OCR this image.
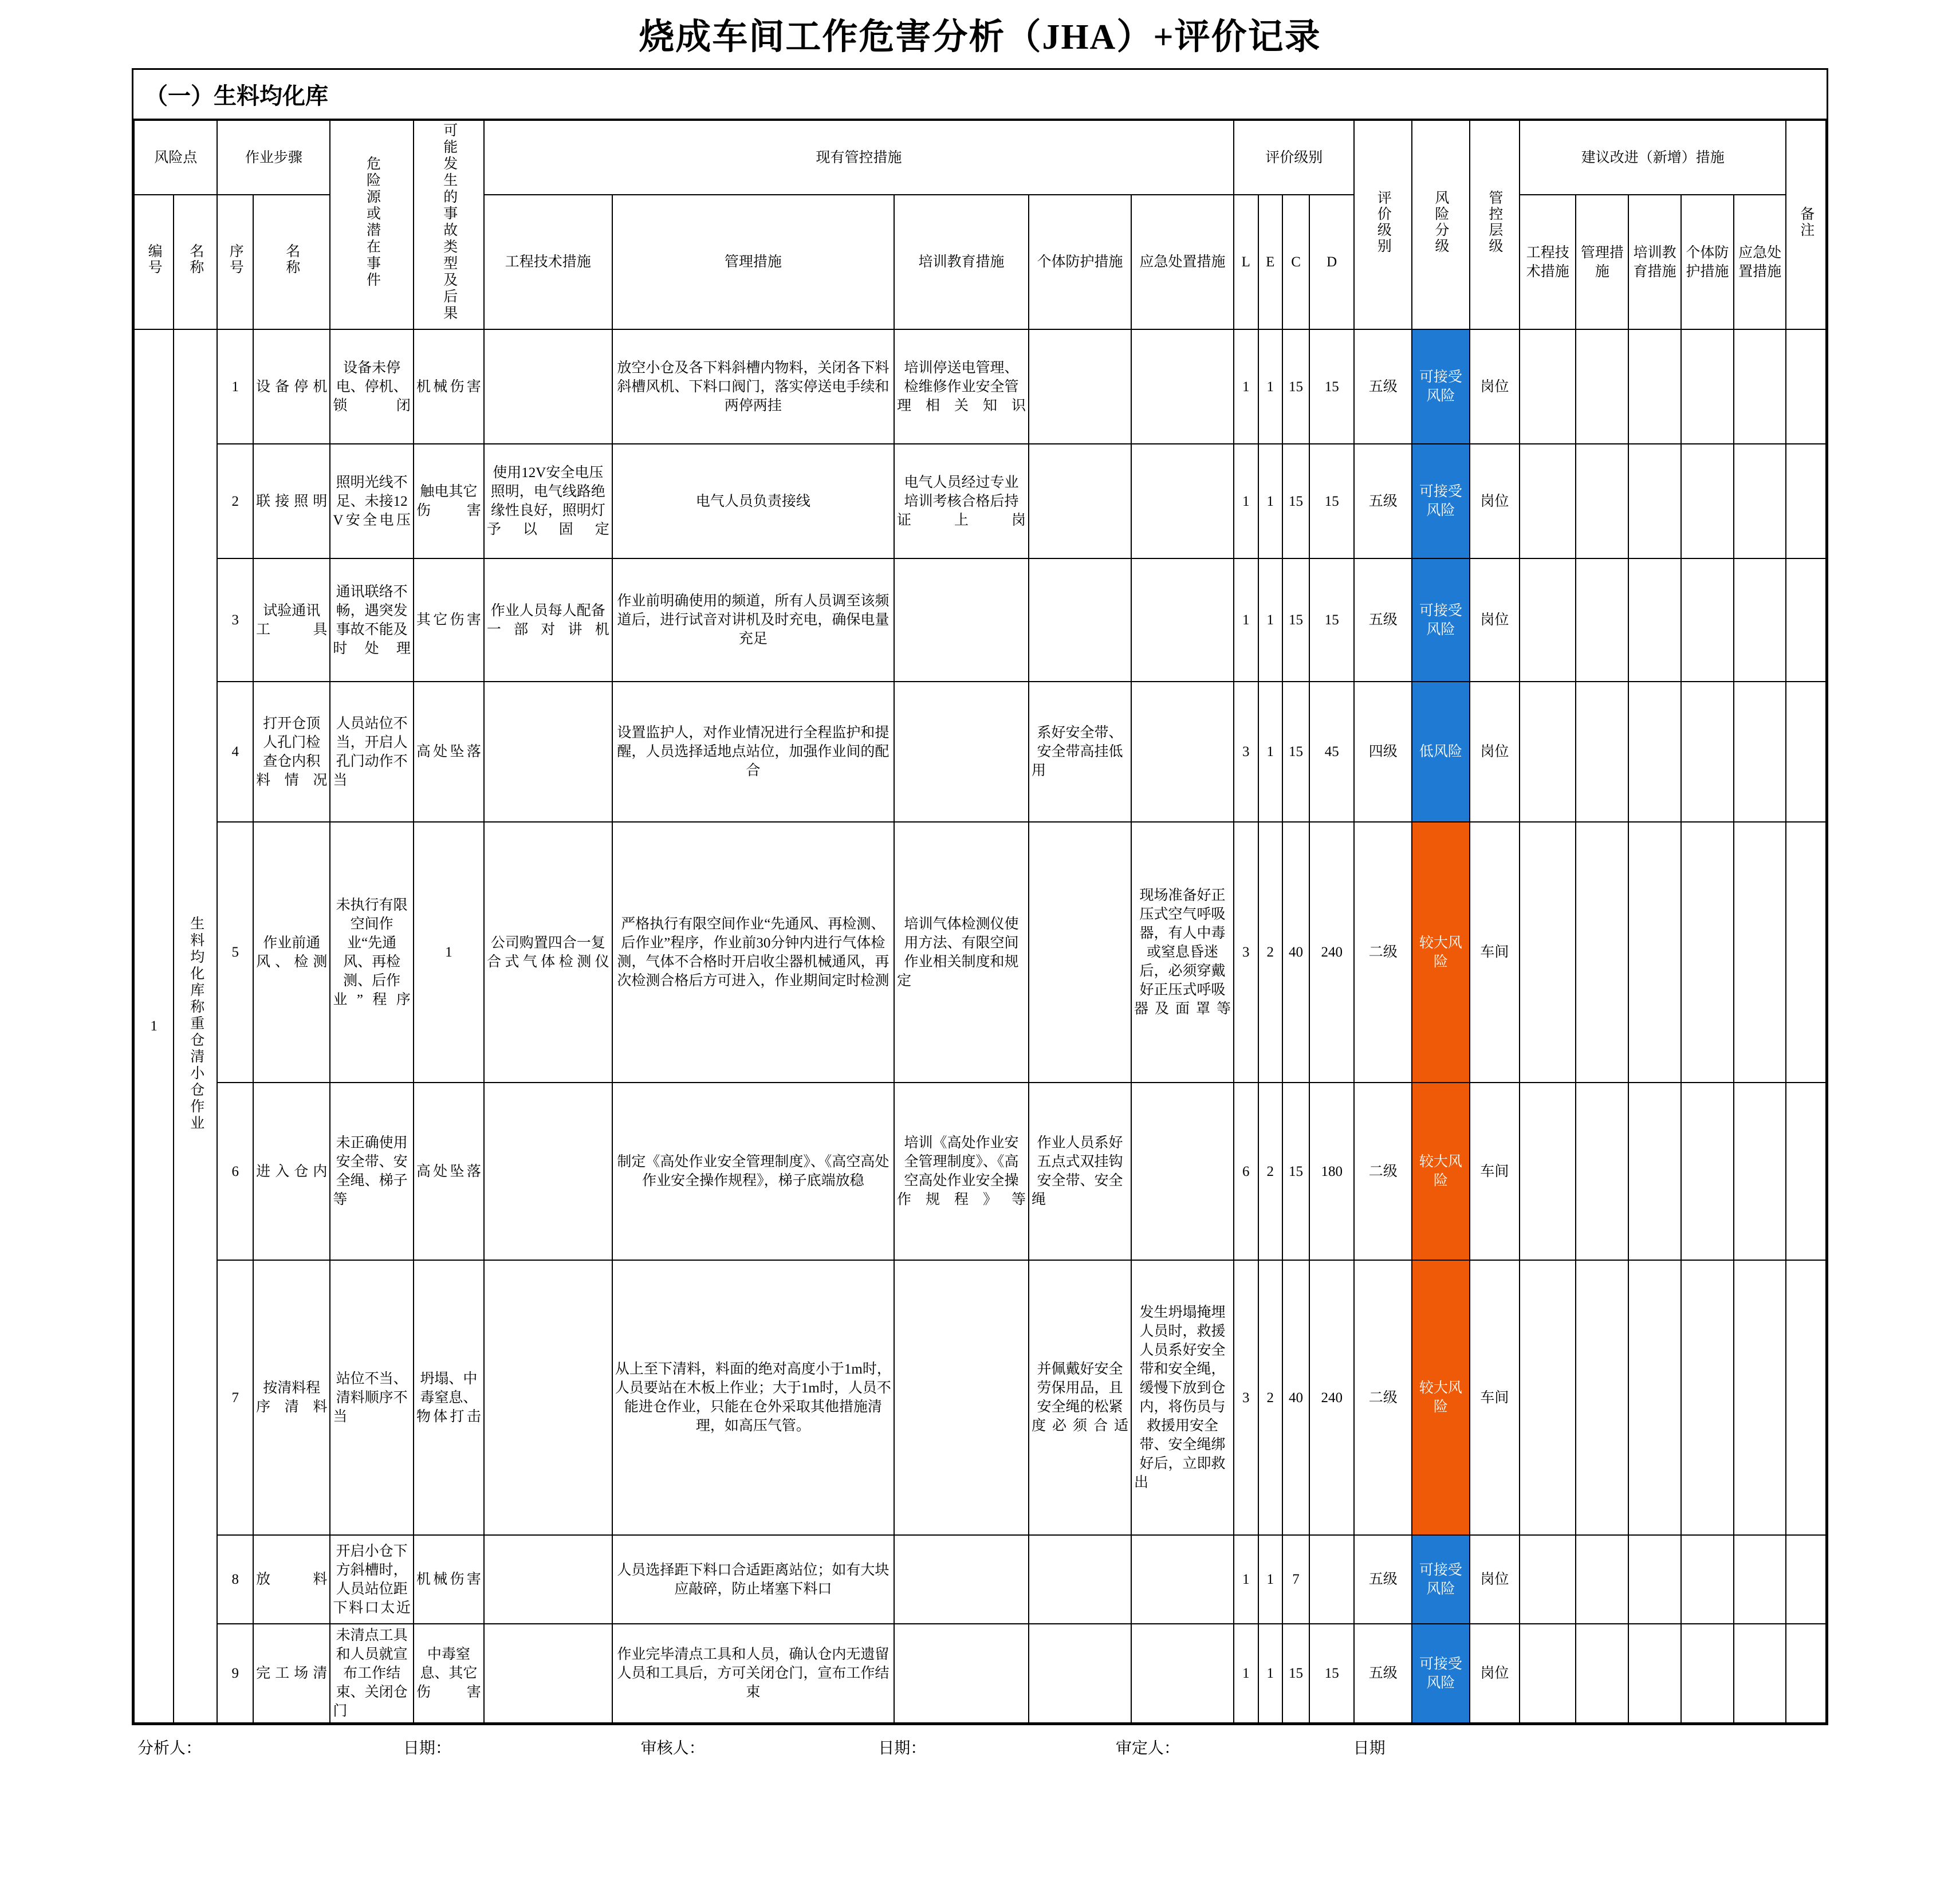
烧成车间工作危害分析（JHA）+评价记录
（一）生料均化库
风险点		作业步骤		危险源或潜在事件	可能发生的事故类型及后果	现有管控措施					评价级别				评价级别	风险分级	管控层级	建议改进（新增）措施					备注
编号	名称	序号	名称			工程技术措施	管理措施	培训教育措施	个体防护措施	应急处置措施	L	E	C	D				工程技术措施	管理措施	培训教育措施	个体防护措施	应急处置措施	
1	生料均化库称重仓清小仓作业	1	设备停机	设备未停电、停机、锁闭	机械伤害		放空小仓及各下料斜槽内物料，关闭各下料斜槽风机、下料口阀门，落实停送电手续和两停两挂	培训停送电管理、检维修作业安全管理相关知识			1	1	15	15	五级	可接受风险	岗位						
		2	联接照明	照明光线不足、未接12V安全电压	触电其它伤害	使用12V安全电压照明，电气线路绝缘性良好，照明灯予以固定	电气人员负责接线	电气人员经过专业培训考核合格后持证上岗			1	1	15	15	五级	可接受风险	岗位						
		3	试验通讯工具	通讯联络不畅，遇突发事故不能及时处理	其它伤害	作业人员每人配备一部对讲机	作业前明确使用的频道，所有人员调至该频道后，进行试音对讲机及时充电，确保电量充足				1	1	15	15	五级	可接受风险	岗位						
		4	打开仓顶人孔门检查仓内积料情况	人员站位不当，开启人孔门动作不当	高处坠落		设置监护人，对作业情况进行全程监护和提醒，人员选择适地点站位，加强作业间的配合		系好安全带、安全带高挂低用		3	1	15	45	四级	低风险	岗位						
		5	作业前通风、检测	未执行有限空间作业“先通风、再检测、后作业”程序	1	公司购置四合一复合式气体检测仪	严格执行有限空间作业“先通风、再检测、后作业”程序，作业前30分钟内进行气体检测，气体不合格时开启收尘器机械通风，再次检测合格后方可进入，作业期间定时检测	培训气体检测仪使用方法、有限空间作业相关制度和规定		现场准备好正压式空气呼吸器，有人中毒或窒息昏迷后，必须穿戴好正压式呼吸器及面罩等	3	2	40	240	二级	较大风险	车间						
		6	进入仓内	未正确使用安全带、安全绳、梯子等	高处坠落		制定《高处作业安全管理制度》、《高空高处作业安全操作规程》，梯子底端放稳	培训《高处作业安全管理制度》、《高空高处作业安全操作规程》等	作业人员系好五点式双挂钩安全带、安全绳		6	2	15	180	二级	较大风险	车间						
		7	按清料程序清料	站位不当、清料顺序不当	坍塌、中毒窒息、物体打击		从上至下清料，料面的绝对高度小于1m时，人员要站在木板上作业；大于1m时，人员不能进仓作业，只能在仓外采取其他措施清理，如高压气管。		并佩戴好安全劳保用品，且安全绳的松紧度必须合适	发生坍塌掩埋人员时，救援人员系好安全带和安全绳，缓慢下放到仓内，将伤员与救援用安全带、安全绳绑好后，立即救出	3	2	40	240	二级	较大风险	车间						
		8	放料	开启小仓下方斜槽时，人员站位距下料口太近	机械伤害		人员选择距下料口合适距离站位；如有大块应敲碎，防止堵塞下料口				1	1	7		五级	可接受风险	岗位						
		9	完工场清	未清点工具和人员就宣布工作结束、关闭仓门	中毒窒息、其它伤害		作业完毕清点工具和人员，确认仓内无遗留人员和工具后，方可关闭仓门，宣布工作结束				1	1	15	15	五级	可接受风险	岗位						
分析人：	日期：	审核人：	日期：	审定人：	日期
